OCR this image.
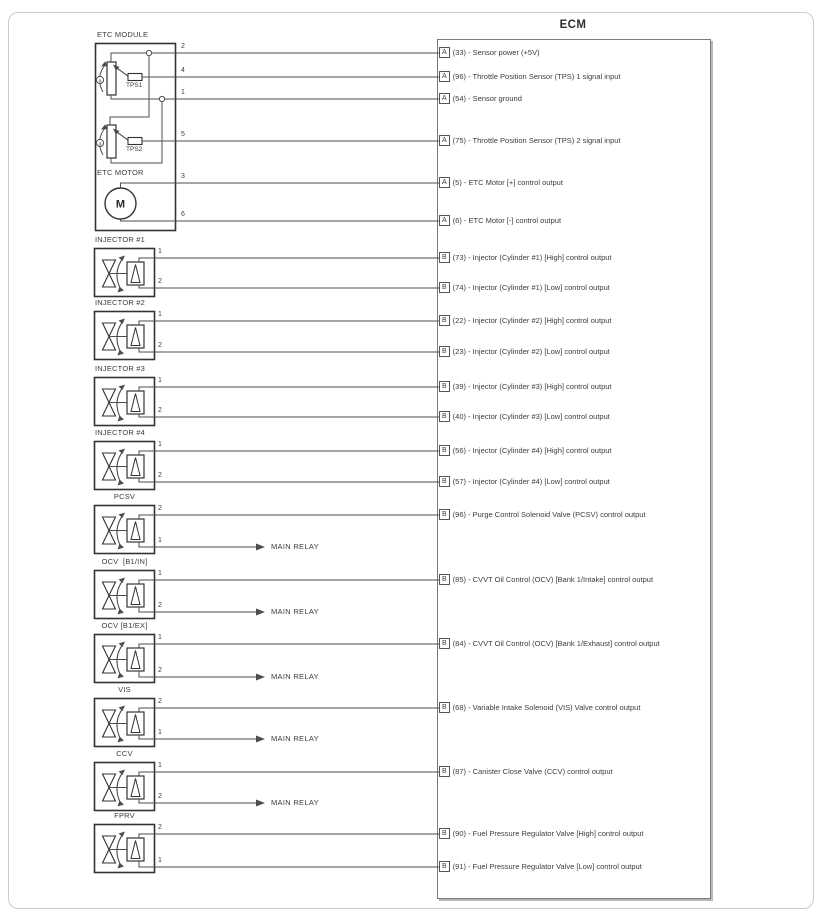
a
a
M
ECM
A (33) - Sensor power (+5V)
A (96) - Throttle Position Sensor (TPS) 1 signal input
A (54) - Sensor ground
A (75) - Throttle Position Sensor (TPS) 2 signal input
A (5) - ETC Motor [+] control output
A (6) - ETC Motor [-] control output
B (73) - Injector (Cylinder #1) [High] control output
B (74) - Injector (Cylinder #1) [Low] control output
B (22) - Injector (Cylinder #2) [High] control output
B (23) - Injector (Cylinder #2) [Low] control output
B (39) - Injector (Cylinder #3) [High] control output
B (40) - Injector (Cylinder #3) [Low] control output
B (56) - Injector (Cylinder #4) [High] control output
B (57) - Injector (Cylinder #4) [Low] control output
B (96) - Purge Control Solenoid Valve (PCSV) control output
B (85) - CVVT Oil Control (OCV) [Bank 1/Intake] control output
B (84) - CVVT Oil Control (OCV) [Bank 1/Exhaust] control output
B (68) - Variable Intake Solenoid (VIS) Valve control output
B (87) - Canister Close Valve (CCV) control output
B (90) - Fuel Pressure Regulator Valve [High] control output
B (91) - Fuel Pressure Regulator Valve [Low] control output
ETC MODULE
TPS1
TPS2
ETC MOTOR
2
4
1
5
3
6
INJECTOR #1
1
2
INJECTOR #2
1
2
INJECTOR #3
1
2
INJECTOR #4
1
2
PCSV
2
1
MAIN RELAY
OCV  [B1/IN]
1
2
MAIN RELAY
OCV [B1/EX]
1
2
MAIN RELAY
VIS
2
1
MAIN RELAY
CCV
1
2
MAIN RELAY
FPRV
2
1
